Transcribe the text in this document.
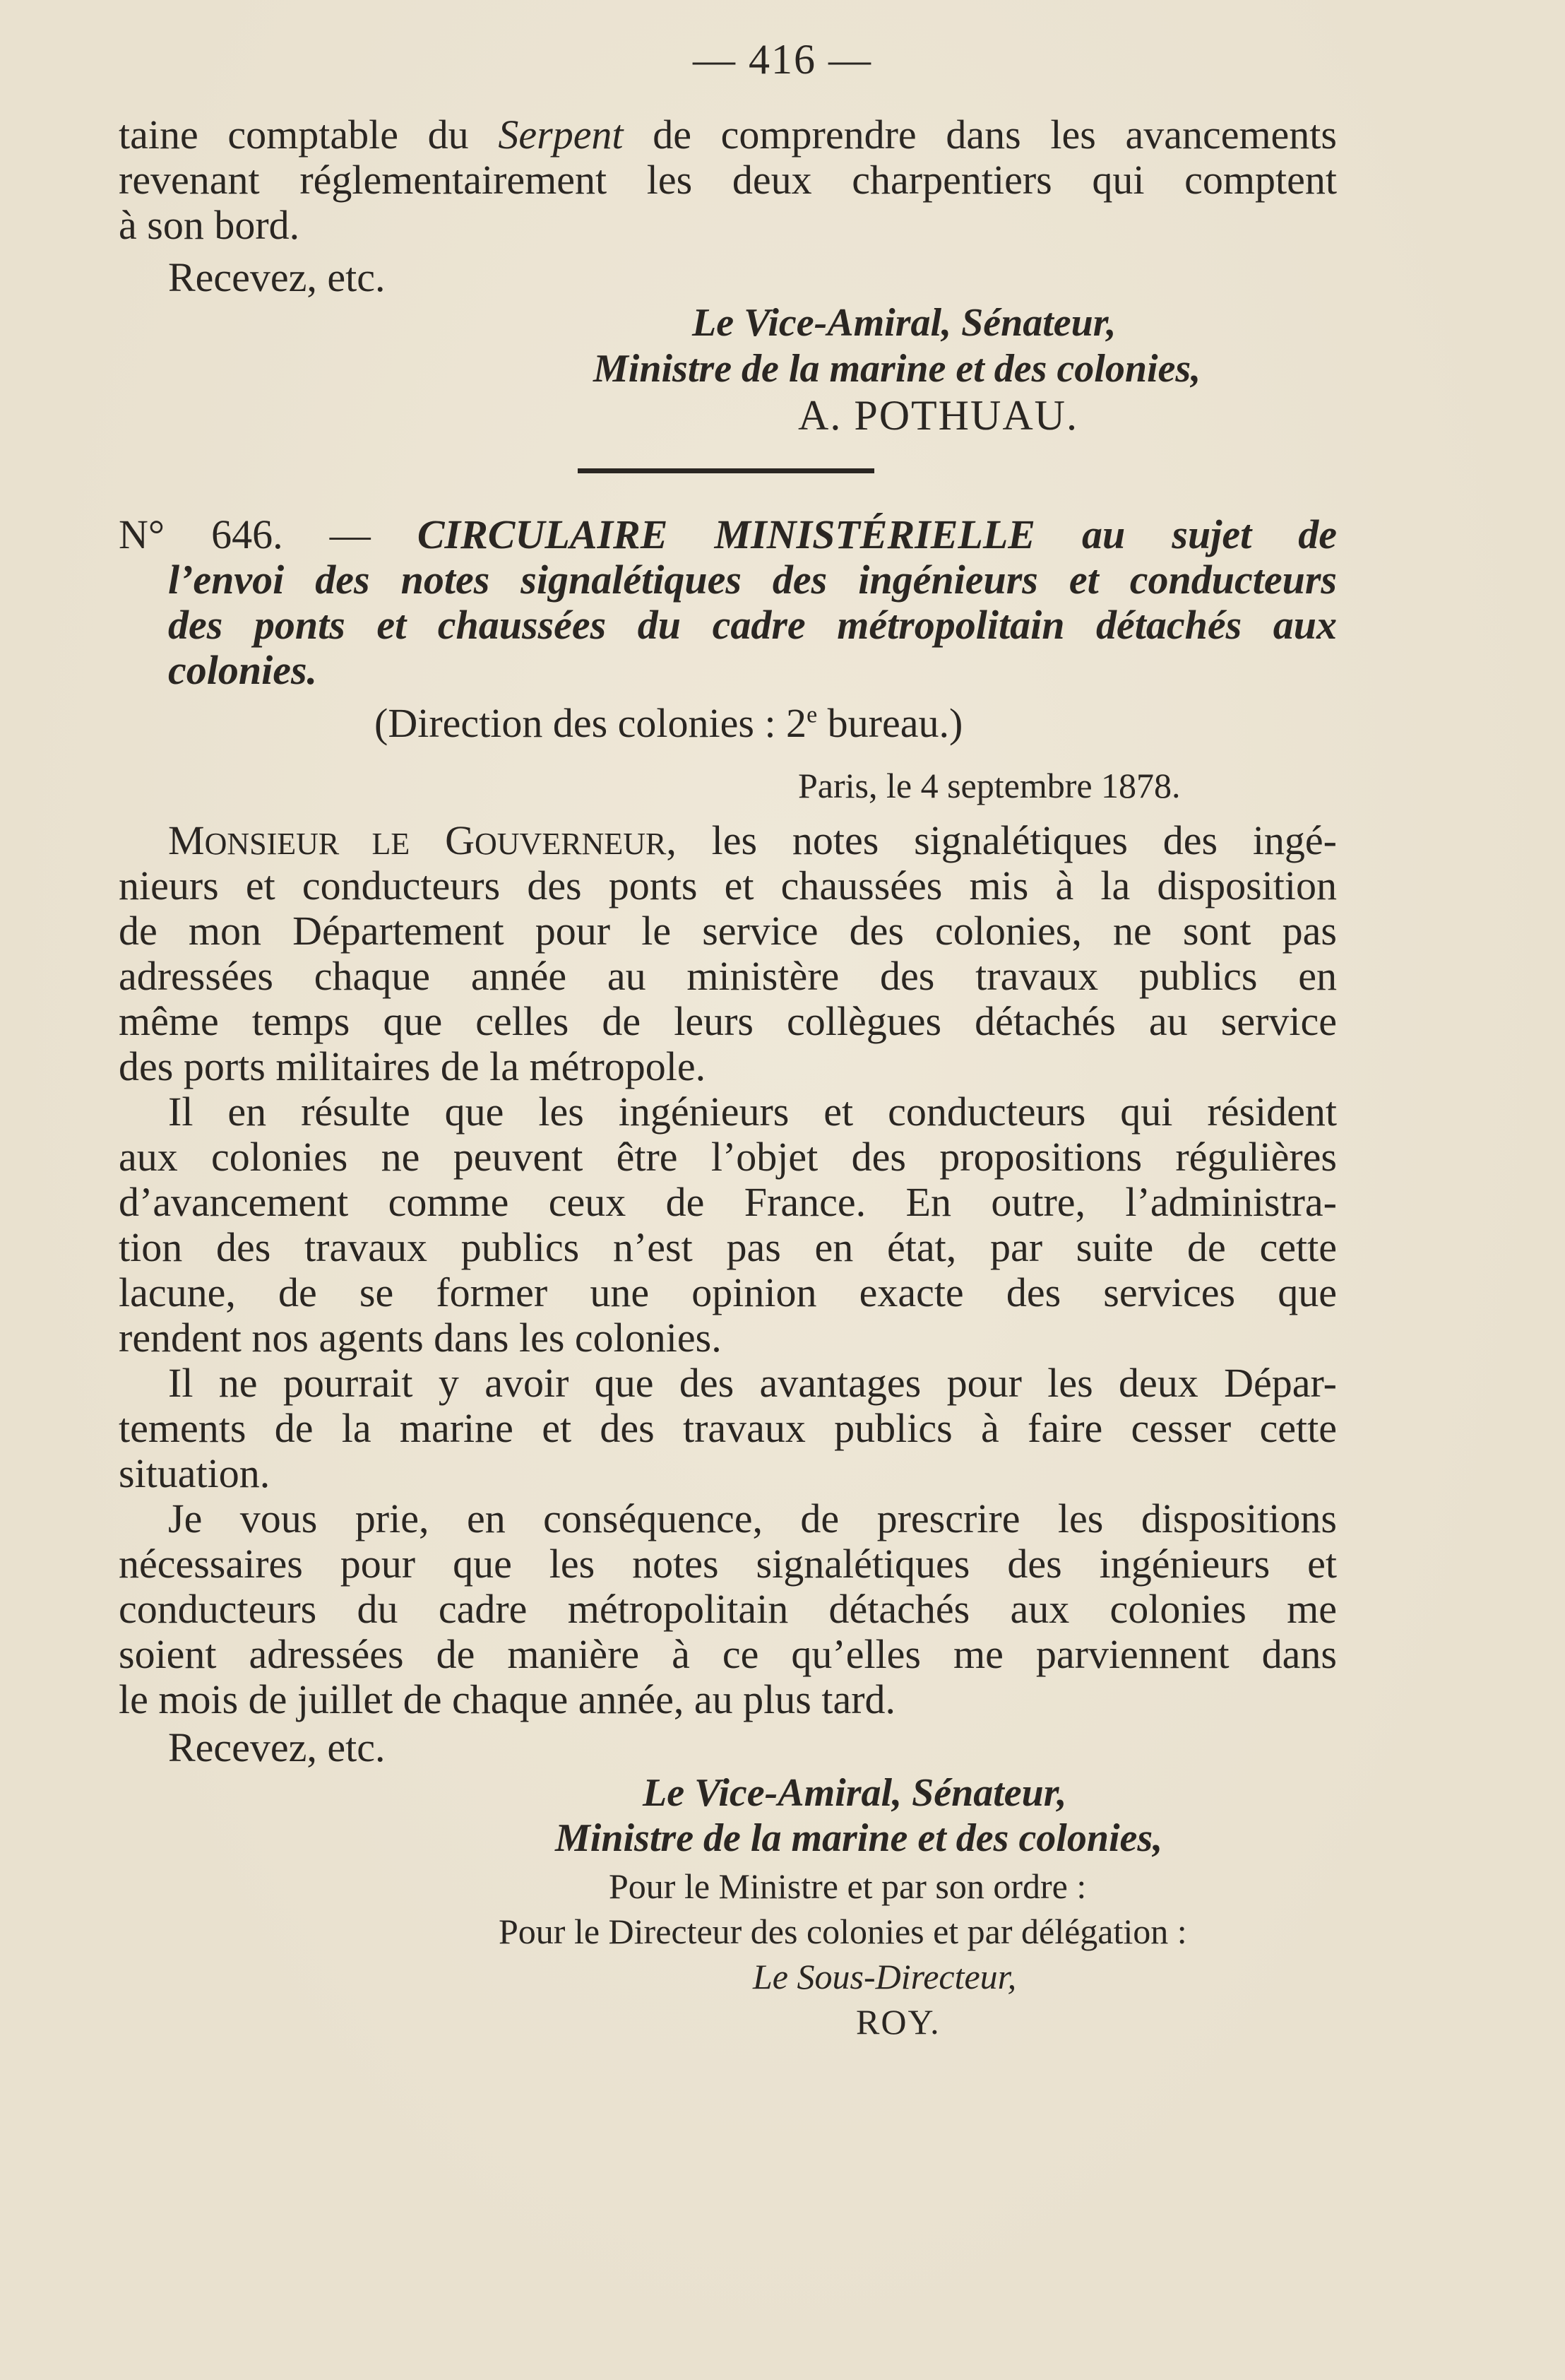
— 416 —
taine comptable du Serpent de comprendre dans les avancements
revenant réglementairement les deux charpentiers qui comptent
à son bord.
Recevez, etc.
Le Vice-Amiral, Sénateur,
Ministre de la marine et des colonies,
A. POTHUAU.
N° 646. — CIRCULAIRE MINISTÉRIELLE au sujet de
l’envoi des notes signalétiques des ingénieurs et conducteurs
des ponts et chaussées du cadre métropolitain détachés aux
colonies.
(Direction des colonies : 2e bureau.)
Paris, le 4 septembre 1878.
MONSIEUR LE GOUVERNEUR, les notes signalétiques des ingé-
nieurs et conducteurs des ponts et chaussées mis à la disposition
de mon Département pour le service des colonies, ne sont pas
adressées chaque année au ministère des travaux publics en
même temps que celles de leurs collègues détachés au service
des ports militaires de la métropole.
Il en résulte que les ingénieurs et conducteurs qui résident
aux colonies ne peuvent être l’objet des propositions régulières
d’avancement comme ceux de France. En outre, l’administra-
tion des travaux publics n’est pas en état, par suite de cette
lacune, de se former une opinion exacte des services que
rendent nos agents dans les colonies.
Il ne pourrait y avoir que des avantages pour les deux Dépar-
tements de la marine et des travaux publics à faire cesser cette
situation.
Je vous prie, en conséquence, de prescrire les dispositions
nécessaires pour que les notes signalétiques des ingénieurs et
conducteurs du cadre métropolitain détachés aux colonies me
soient adressées de manière à ce qu’elles me parviennent dans
le mois de juillet de chaque année, au plus tard.
Recevez, etc.
Le Vice-Amiral, Sénateur,
Ministre de la marine et des colonies,
Pour le Ministre et par son ordre :
Pour le Directeur des colonies et par délégation :
Le Sous-Directeur,
ROY.
